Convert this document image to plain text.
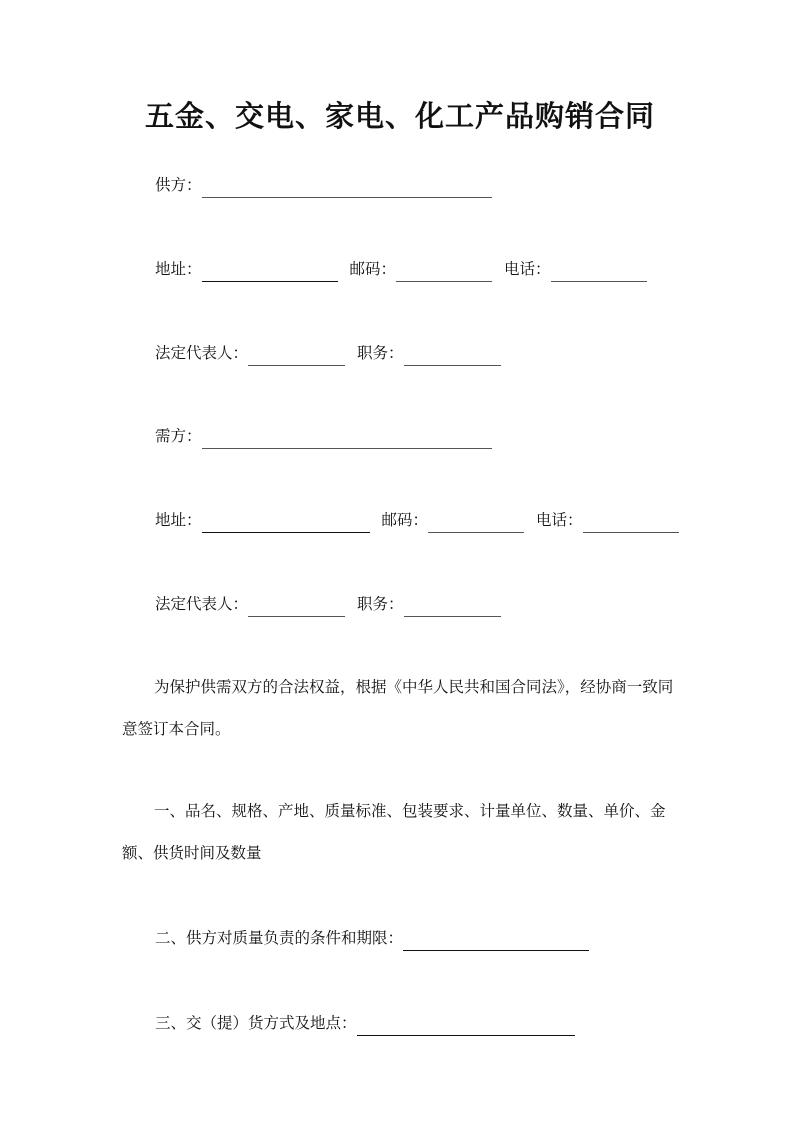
五金、交电、家电、化工产品购销合同
供方：
地址：	邮码：	电话：
法定代表人：	职务：
需方：
地址：	邮码：	电话：
法定代表人：	职务：

为保护供需双方的合法权益，根据《中华人民共和国合同法》，经协商一致同意签订本合同。

一、品名、规格、产地、质量标准、包装要求、计量单位、数量、单价、金额、供货时间及数量

二、供方对质量负责的条件和期限：
三、交（提）货方式及地点：
